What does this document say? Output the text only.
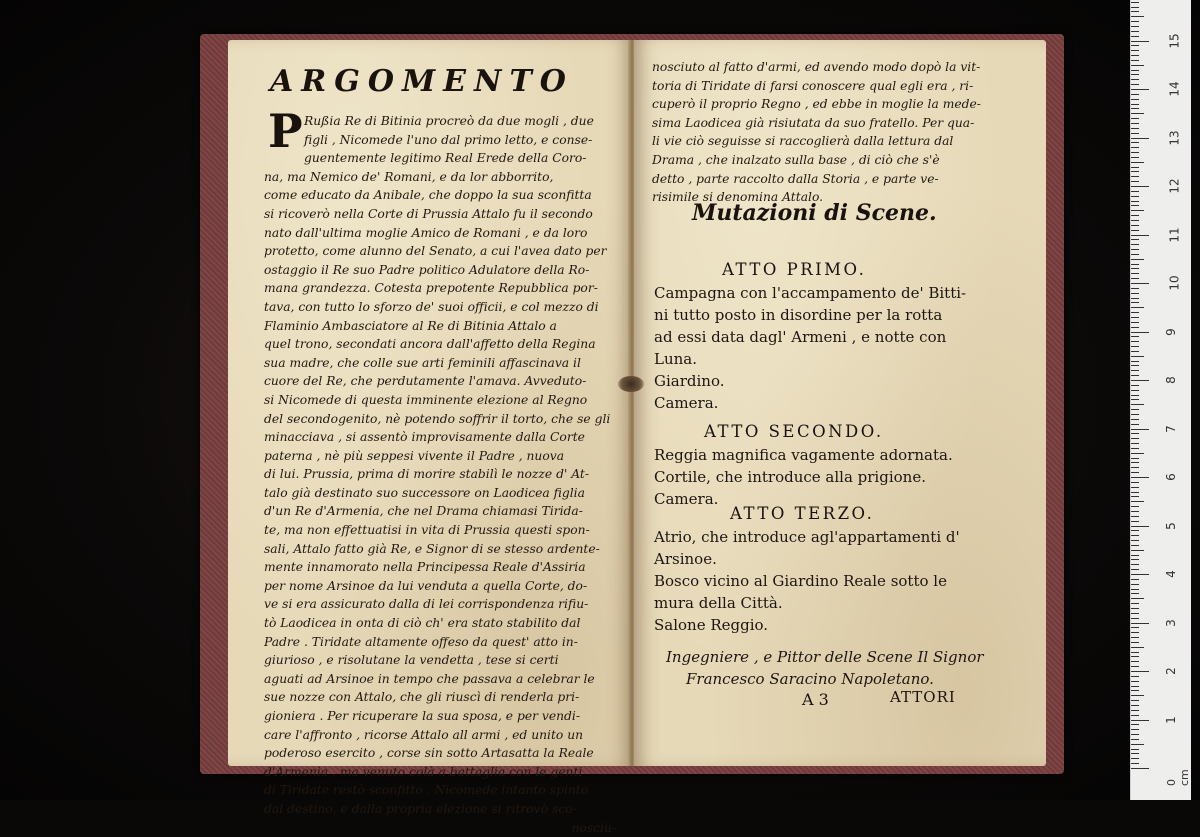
ARGOMENTO
P Rußia Re di Bitinia procreò da due mogli , due
figli , Nicomede l'uno dal primo letto, e conse-
guentemente legitimo Real Erede della Coro-
na, ma Nemico de' Romani, e da lor abborrito,
come educato da Anibale, che doppo la sua sconfitta
si ricoverò nella Corte di Prussia Attalo fu il secondo
nato dall'ultima moglie Amico de Romani , e da loro
protetto, come alunno del Senato, a cui l'avea dato per
ostaggio il Re suo Padre politico Adulatore della Ro-
mana grandezza. Cotesta prepotente Repubblica por-
tava, con tutto lo sforzo de' suoi officii, e col mezzo di
Flaminio Ambasciatore al Re di Bitinia Attalo a
quel trono, secondati ancora dall'affetto della Regina
sua madre, che colle sue arti feminili affascinava il
cuore del Re, che perdutamente l'amava. Avveduto-
si Nicomede di questa imminente elezione al Regno
del secondogenito, nè potendo soffrir il torto, che se gli
minacciava , si assentò improvisamente dalla Corte
paterna , nè più seppesi vivente il Padre , nuova
di lui. Prussia, prima di morire stabilì le nozze d' At-
talo già destinato suo successore on Laodicea figlia
d'un Re d'Armenia, che nel Drama chiamasi Tirida-
te, ma non effettuatisi in vita di Prussia questi spon-
sali, Attalo fatto già Re, e Signor di se stesso ardente-
mente innamorato nella Principessa Reale d'Assiria
per nome Arsinoe da lui venduta a quella Corte, do-
ve si era assicurato dalla di lei corrispondenza rifiu-
tò Laodicea in onta di ciò ch' era stato stabilito dal
Padre . Tiridate altamente offeso da quest' atto in-
giurioso , e risolutane la vendetta , tese si certi
aguati ad Arsinoe in tempo che passava a celebrar le
sue nozze con Attalo, che gli riuscì di renderla pri-
gioniera . Per ricuperare la sua sposa, e per vendi-
care l'affronto , ricorse Attalo all armi , ed unito un
poderoso esercito , corse sin sotto Artasatta la Reale
d'Armenia , ma venuto colà a battaglia con le genti
di Tiridate restò sconfitto . Nicomede intanto spinto
dal destino, e dalla propria elezione si ritrovò sco-
nosciu-
nosciuto al fatto d'armi, ed avendo modo dopò la vit-
toria di Tiridate di farsi conoscere qual egli era , ri-
cuperò il proprio Regno , ed ebbe in moglie la mede-
sima Laodicea già risiutata da suo fratello. Per qua-
li vie ciò seguisse si raccoglierà dalla lettura dal
Drama , che inalzato sulla base , di ciò che s'è
detto , parte raccolto dalla Storia , e parte ve-
risimile si denomina Attalo.
Mutazioni di Scene.
ATTO PRIMO.
Campagna con l'accampamento de' Bitti-
ni tutto posto in disordine per la rotta
ad essi data dagl' Armeni , e notte con
Luna.
Giardino.
Camera.
ATTO SECONDO.
Reggia magnifica vagamente adornata.
Cortile, che introduce alla prigione.
Camera.
ATTO TERZO.
Atrio, che introduce agl'appartamenti d'
Arsinoe.
Bosco vicino al Giardino Reale sotto le
mura della Città.
Salone Reggio.
Ingegniere , e Pittor delle Scene Il Signor
Francesco Saracino Napoletano.
A 3	ATTORI
0 cm
1
2
3
4
5
6
7
8
9
10
11
12
13
14
15
